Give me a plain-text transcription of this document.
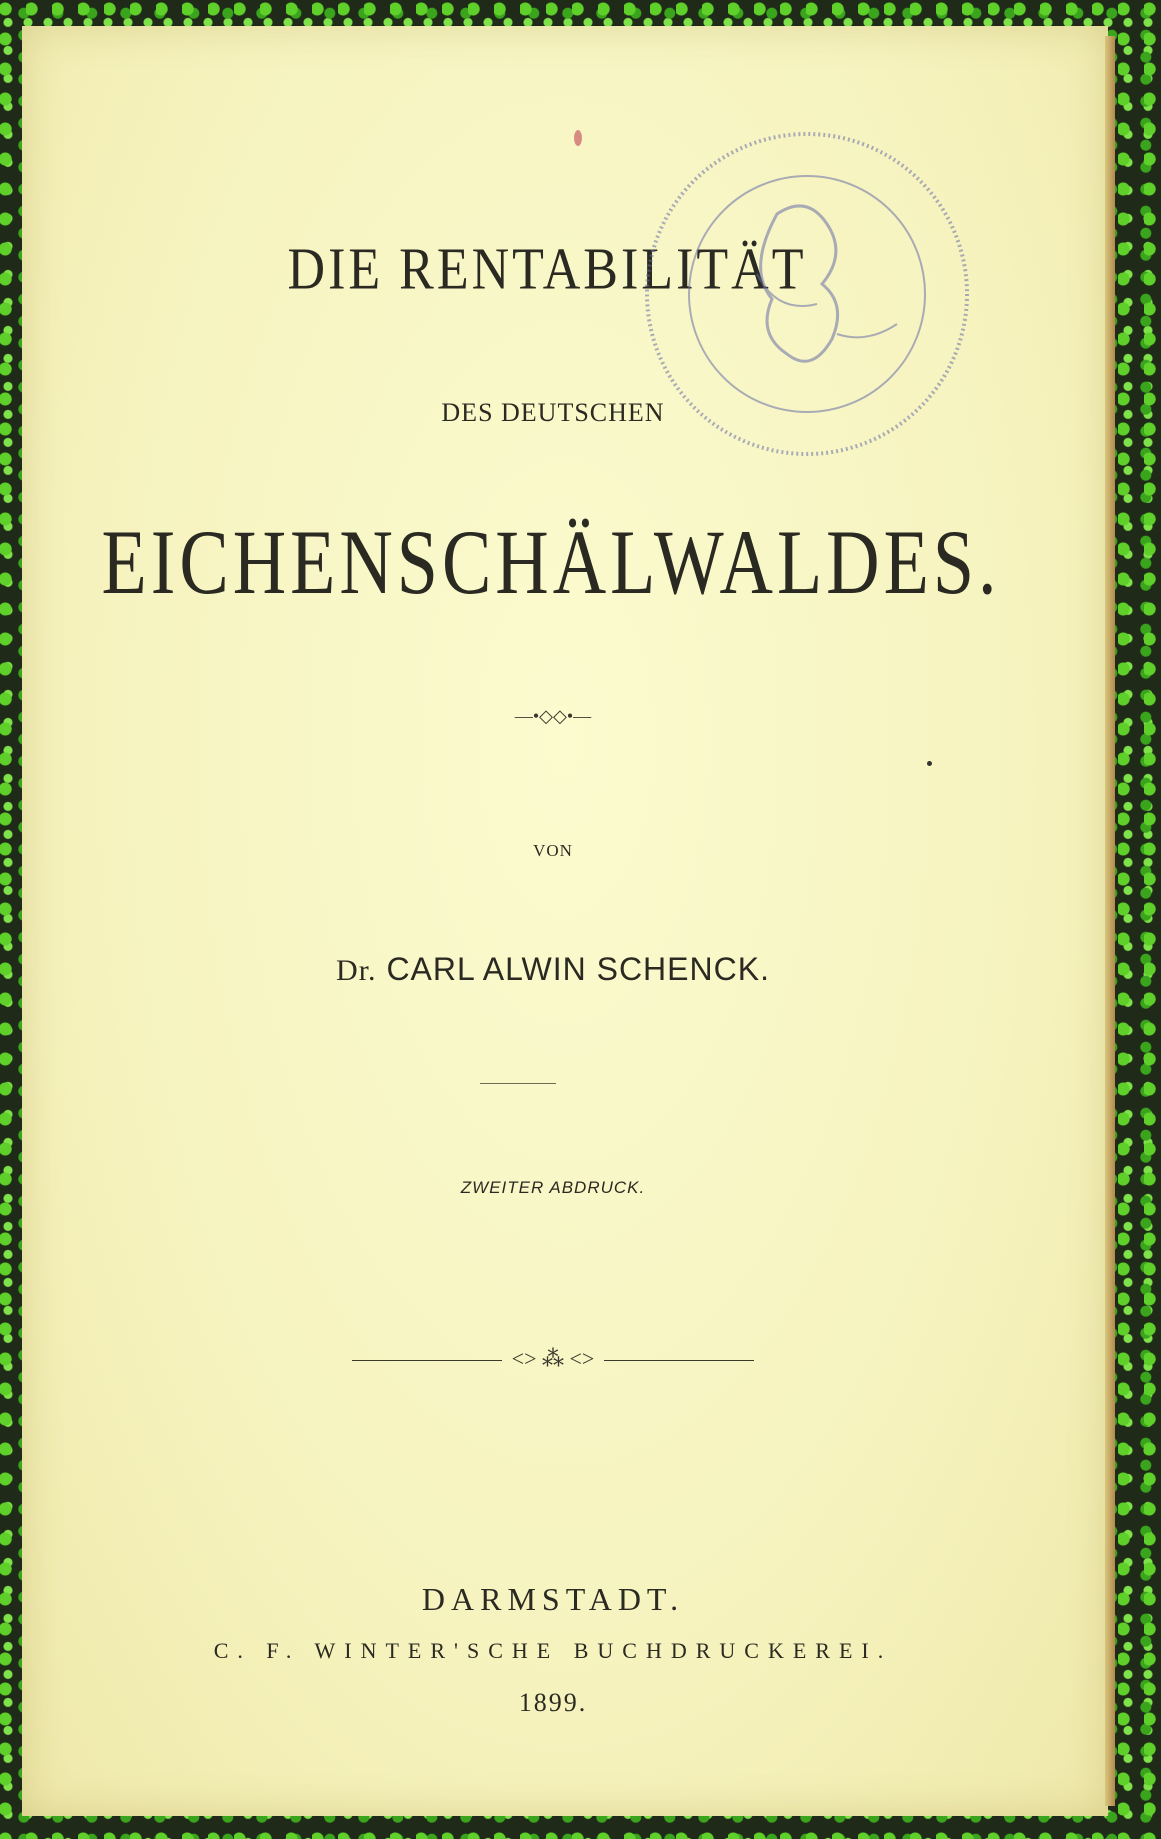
DIE RENTABILITÄT
DES DEUTSCHEN
EICHENSCHÄLWALDES.
—•◇◇•—
VON
Dr. CARL ALWIN SCHENCK.
ZWEITER ABDRUCK.
<> ⁂ <>
DARMSTADT.
C. F. WINTER'SCHE BUCHDRUCKEREI.
1899.
